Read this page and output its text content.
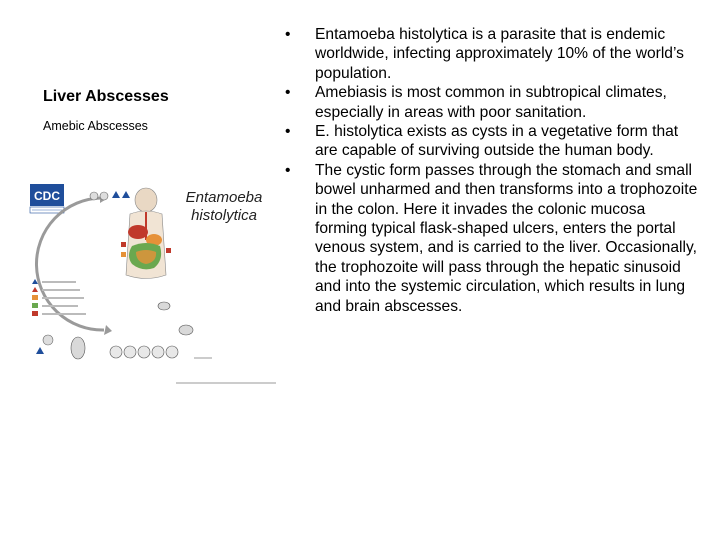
Liver Abscesses
Amebic Abscesses
CDC	Entamoeba
histolytica
•	Entamoeba histolytica is a parasite that is endemic worldwide, infecting approximately 10% of the world’s population.
•	Amebiasis is most common in subtropical climates, especially in areas with poor sanitation.
•	E. histolytica exists as cysts in a vegetative form that are capable of surviving outside the human body.
•	The cystic form passes through the stomach and small bowel unharmed and then transforms into a trophozoite in the colon. Here it invades the colonic mucosa forming typical flask-shaped ulcers, enters the portal venous system, and is carried to the liver. Occasionally, the trophozoite will pass through the hepatic sinusoid and into the systemic circulation, which results in lung and brain abscesses.
